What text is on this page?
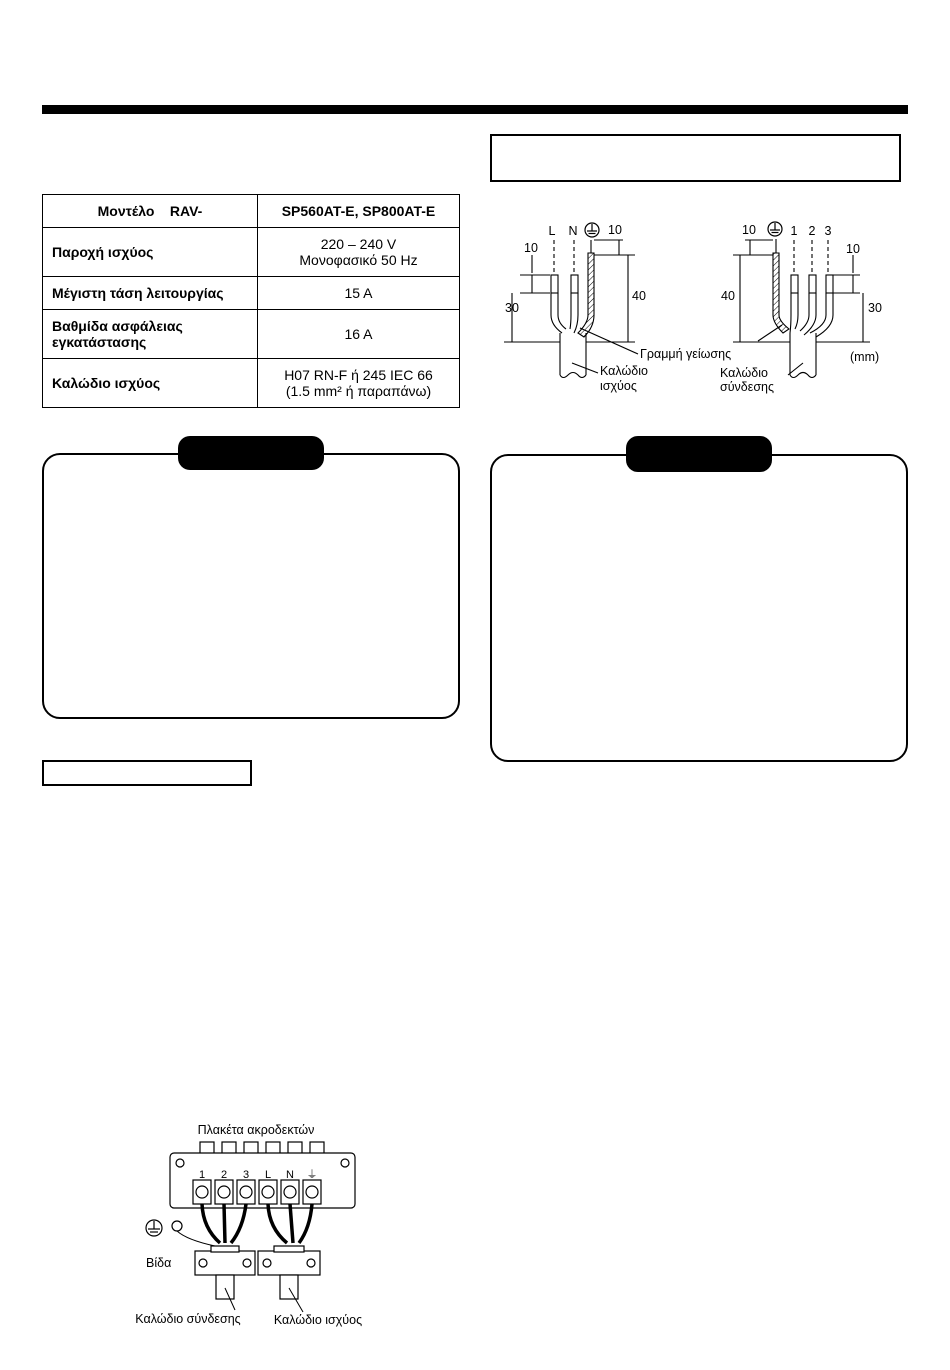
Μοντέλο    RAV-	SP560AT-E, SP800AT-E
Παροχή ισχύος	220 – 240 V
Μονοφασικό 50 Hz

Μέγιστη τάση λειτουργίας	15 A

Βαθμίδα ασφάλειας
εγκατάστασης	16 A
Καλώδιο ισχύος	H07 RN-F ή 245 IEC 66
(1.5 mm² ή παραπάνω)
L N 10
10
30
40
Γραμμή γείωσης
Καλώδιο
ισχύος
10	1 2 3
10
30
40
Καλώδιο
σύνδεσης
(mm)
Πλακέτα ακροδεκτών
1 2 3 L N ⏚
Βίδα
Καλώδιο σύνδεσης	Καλώδιο ισχύος
